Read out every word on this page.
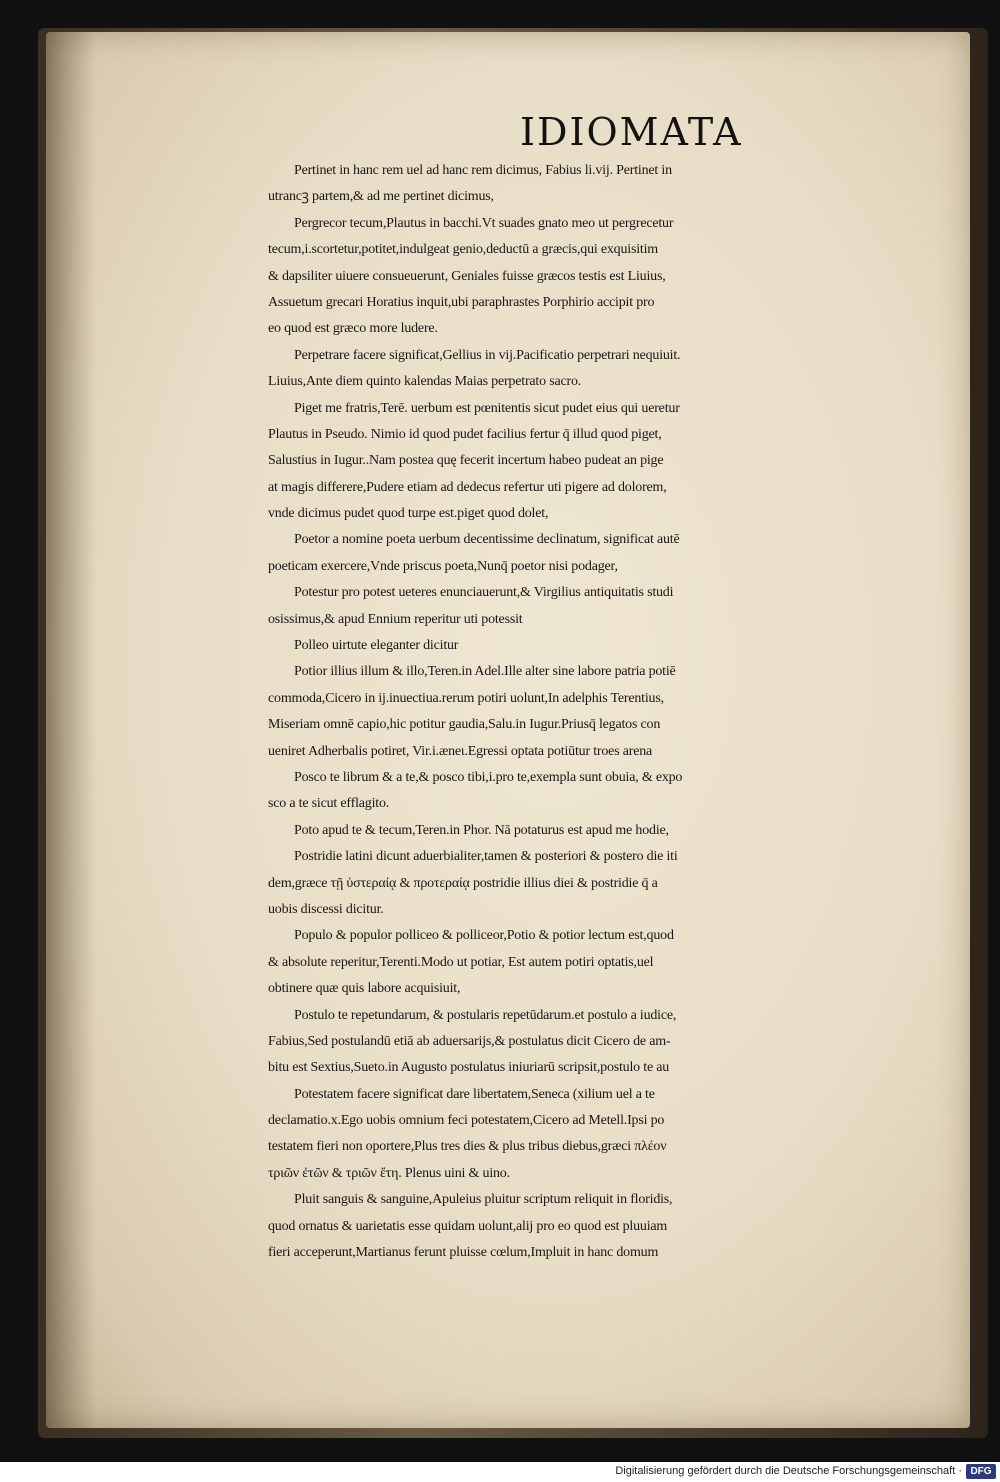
IDIOMATA
Pertinet in hanc rem uel ad hanc rem dicimus, Fabius li.vij. Pertinet in
utrancꝫ partem,& ad me pertinet dicimus,
Pergrecor tecum,Plautus in bacchi.Vt suades gnato meo ut pergrecetur
tecum,i.scortetur,potitet,indulgeat genio,deductū a græcis,qui exquisitim
& dapsiliter uiuere consueuerunt, Geniales fuisse græcos testis est Liuius,
Assuetum grecari Horatius inquit,ubi paraphrastes Porphirio accipit pro
eo quod est græco more ludere.
Perpetrare facere significat,Gellius in vij.Pacificatio perpetrari nequiuit.
Liuius,Ante diem quinto kalendas Maias perpetrato sacro.
Piget me fratris,Terē. uerbum est pœnitentis sicut pudet eius qui ueretur
Plautus in Pseudo. Nimio id quod pudet facilius fertur q̄ illud quod piget,
Salustius in Iugur..Nam postea quę fecerit incertum habeo pudeat an pige
at magis differere,Pudere etiam ad dedecus refertur uti pigere ad dolorem,
vnde dicimus pudet quod turpe est.piget quod dolet,
Poetor a nomine poeta uerbum decentissime declinatum, significat autē
poeticam exercere,Vnde priscus poeta,Nunq̄ poetor nisi podager,
Potestur pro potest ueteres enunciauerunt,& Virgilius antiquitatis studi
osissimus,& apud Ennium reperitur uti potessit
Polleo uirtute eleganter dicitur
Potior illius illum & illo,Teren.in Adel.Ille alter sine labore patria potiē
commoda,Cicero in ij.inuectiua.rerum potiri uolunt,In adelphis Terentius,
Miseriam omnē capio,hic potitur gaudia,Salu.in Iugur.Priusq̄ legatos con
ueniret Adherbalis potiret, Vir.i.æneι.Egressi optata potiūtur troes arena
Posco te librum & a te,& posco tibi,i.pro te,exempla sunt obuia, & expo
sco a te sicut efflagito.
Poto apud te & tecum,Teren.in Phor. Nā potaturus est apud me hodie,
Postridie latini dicunt aduerbialiter,tamen & posteriori & postero die iti
dem,græce τῇ ὑστεραίᾳ & προτεραίᾳ postridie illius diei & postridie q̄ a
uobis discessi dicitur.
Populo & populor polliceo & polliceor,Potio & potior lectum est,quod
& absolute reperitur,Terenti.Modo ut potiar, Est autem potiri optatis,uel
obtinere quæ quis labore acquisiuit,
Postulo te repetundarum, & postularis repetūdarum.et postulo a iudice,
Fabius,Sed postulandū etiā ab aduersarijs,& postulatus dicit Cicero de am-
bitu est Sextius,Sueto.in Augusto postulatus iniuriarū scripsit,postulo te au
Potestatem facere significat dare libertatem,Seneca (xilium uel a te
declamatio.x.Ego uobis omnium feci potestatem,Cicero ad Metell.Ipsi po
testatem fieri non oportere,Plus tres dies & plus tribus diebus,græci πλέον
τριῶν ἐτῶν & τριῶν ἔτη. Plenus uini & uino.
Pluit sanguis & sanguine,Apuleius pluitur scriptum reliquit in floridis,
quod ornatus & uarietatis esse quidam uolunt,alij pro eo quod est pluuiam
fieri acceperunt,Martianus ferunt pluisse cœlum,Impluit in hanc domum
Digitalisierung gefördert durch die Deutsche Forschungsgemeinschaft · DFG
